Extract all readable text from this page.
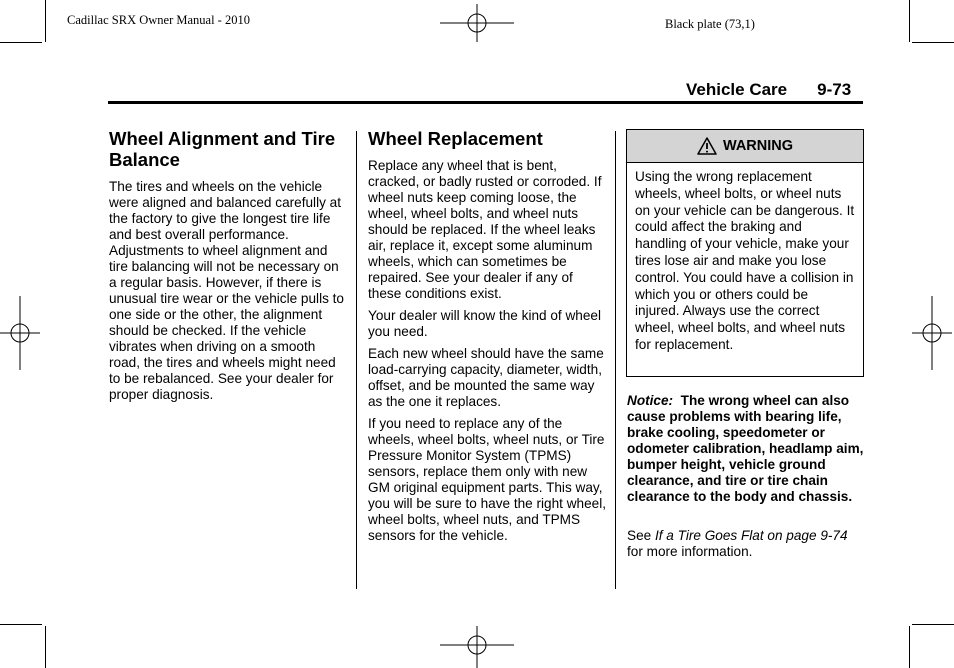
Cadillac SRX Owner Manual - 2010	Black plate (73,1)
Vehicle Care 9-73
Wheel Alignment and Tire Balance

The tires and wheels on the vehicle were aligned and balanced carefully at the factory to give the longest tire life and best overall performance. Adjustments to wheel alignment and tire balancing will not be necessary on a regular basis. However, if there is unusual tire wear or the vehicle pulls to one side or the other, the alignment should be checked. If the vehicle vibrates when driving on a smooth road, the tires and wheels might need to be rebalanced. See your dealer for proper diagnosis.

Wheel Replacement

Replace any wheel that is bent, cracked, or badly rusted or corroded. If wheel nuts keep coming loose, the wheel, wheel bolts, and wheel nuts should be replaced. If the wheel leaks air, replace it, except some aluminum wheels, which can sometimes be repaired. See your dealer if any of these conditions exist.

Your dealer will know the kind of wheel you need.

Each new wheel should have the same load-carrying capacity, diameter, width, offset, and be mounted the same way as the one it replaces.

If you need to replace any of the wheels, wheel bolts, wheel nuts, or Tire Pressure Monitor System (TPMS) sensors, replace them only with new GM original equipment parts. This way, you will be sure to have the right wheel, wheel bolts, wheel nuts, and TPMS sensors for the vehicle.

WARNING
Using the wrong replacement wheels, wheel bolts, or wheel nuts on your vehicle can be dangerous. It could affect the braking and handling of your vehicle, make your tires lose air and make you lose control. You could have a collision in which you or others could be injured. Always use the correct wheel, wheel bolts, and wheel nuts for replacement.
Notice: The wrong wheel can also cause problems with bearing life, brake cooling, speedometer or odometer calibration, headlamp aim, bumper height, vehicle ground clearance, and tire or tire chain clearance to the body and chassis.
See If a Tire Goes Flat on page 9-74 for more information.
